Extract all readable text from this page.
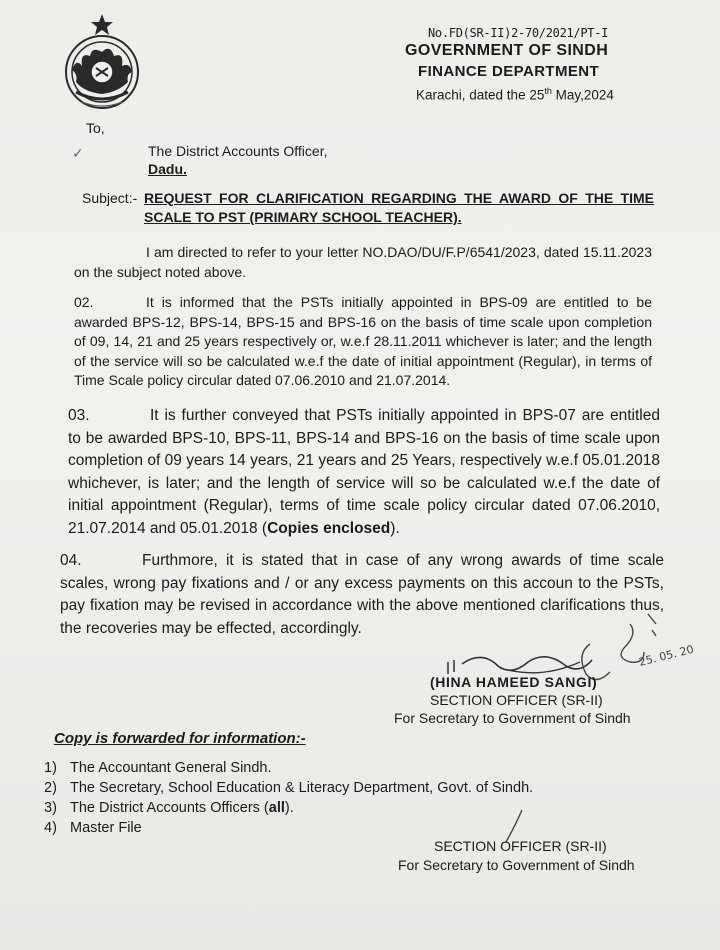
No.FD(SR-II)2-70/2021/PT-I
GOVERNMENT OF SINDH
FINANCE DEPARTMENT
Karachi, dated the 25th May,2024
To,
✓	The District Accounts Officer,
Dadu.
Subject:- REQUEST FOR CLARIFICATION REGARDING THE AWARD OF THE TIME SCALE TO PST (PRIMARY SCHOOL TEACHER).
I am directed to refer to your letter NO.DAO/DU/F.P/6541/2023, dated 15.11.2023 on the subject noted above.
02.	It is informed that the PSTs initially appointed in BPS-09 are entitled to be awarded BPS-12, BPS-14, BPS-15 and BPS-16 on the basis of time scale upon completion of 09, 14, 21 and 25 years respectively or, w.e.f 28.11.2011 whichever is later; and the length of the service will so be calculated w.e.f the date of initial appointment (Regular), in terms of Time Scale policy circular dated 07.06.2010 and 21.07.2014.
03.	It is further conveyed that PSTs initially appointed in BPS-07 are entitled to be awarded BPS-10, BPS-11, BPS-14 and BPS-16 on the basis of time scale upon completion of 09 years 14 years, 21 years and 25 Years, respectively w.e.f 05.01.2018 whichever, is later; and the length of service will so be calculated w.e.f the date of initial appointment (Regular), terms of time scale policy circular dated 07.06.2010, 21.07.2014 and 05.01.2018 (Copies enclosed).
04.	Furthmore, it is stated that in case of any wrong awards of time scale scales, wrong pay fixations and / or any excess payments on this accoun to the PSTs, pay fixation may be revised in accordance with the above mentioned clarifications thus, the recoveries may be effected, accordingly.
25. 05. 20
(HINA HAMEED SANGI)
SECTION OFFICER (SR-II)
For Secretary to Government of Sindh
Copy is forwarded for information:-
1) The Accountant General Sindh.
2) The Secretary, School Education & Literacy Department, Govt. of Sindh.
3) The District Accounts Officers (all).
4) Master File
SECTION OFFICER (SR-II)
For Secretary to Government of Sindh
